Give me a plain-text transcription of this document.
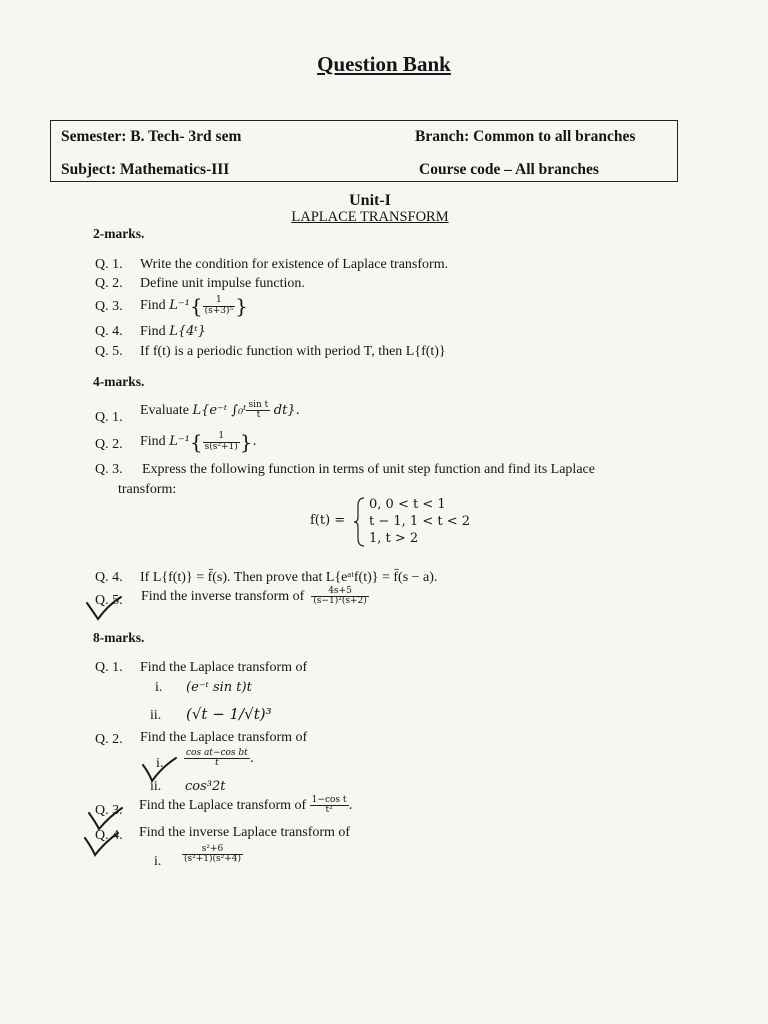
Question Bank
Semester: B. Tech- 3rd sem	Branch: Common to all branches
Subject: Mathematics-III	Course code – All branches
Unit-I
LAPLACE TRANSFORM
2-marks.
Q. 1. Write the condition for existence of Laplace transform.
Q. 2. Define unit impulse function.
Q. 3. Find $L^{-1}\{ \frac{1}{\text{(s+3)⁵}}$ }
Q. 4. Find L{4ᵗ}
Q. 5. If f(t) is a periodic function with period T, then L{f(t)}
4-marks.
Q. 1. Evaluate L{e⁻ᵗ ∫₀ᵗ $\frac{\text{sin t}}{t} dt$}.
Q. 2. Find $L^{-1}\{ \frac{1}{\text{s(s²+1)}}$ }.
Q. 3. Express the following function in terms of unit step function and find its Laplace
transform:
f(t) =
0, 0 < t < 1
t − 1, 1 < t < 2
1, t > 2
Q. 4. If L{f(t)} = f̄(s). Then prove that L{eᵃᵗf(t)} = f̄(s − a).
Q. 5. Find the inverse transform of $\frac{4s+5}{\text{(s−1)²(s+2)}}$
8-marks.
Q. 1. Find the Laplace transform of
i. (e⁻ᵗ sin t)t
ii. (√t − 1/√t)³
Q. 2. Find the Laplace transform of
i. $\frac{\text{cos at−cos bt}}{t}$ .
ii. cos³2t
Q. 3. Find the Laplace transform of $\frac{\text{1−cos t}}{\text{t²}}$ .
Q. 4. Find the inverse Laplace transform of
i. $\frac{\text{s²+6}}{\text{(s²+1)(s²+4)}}$
